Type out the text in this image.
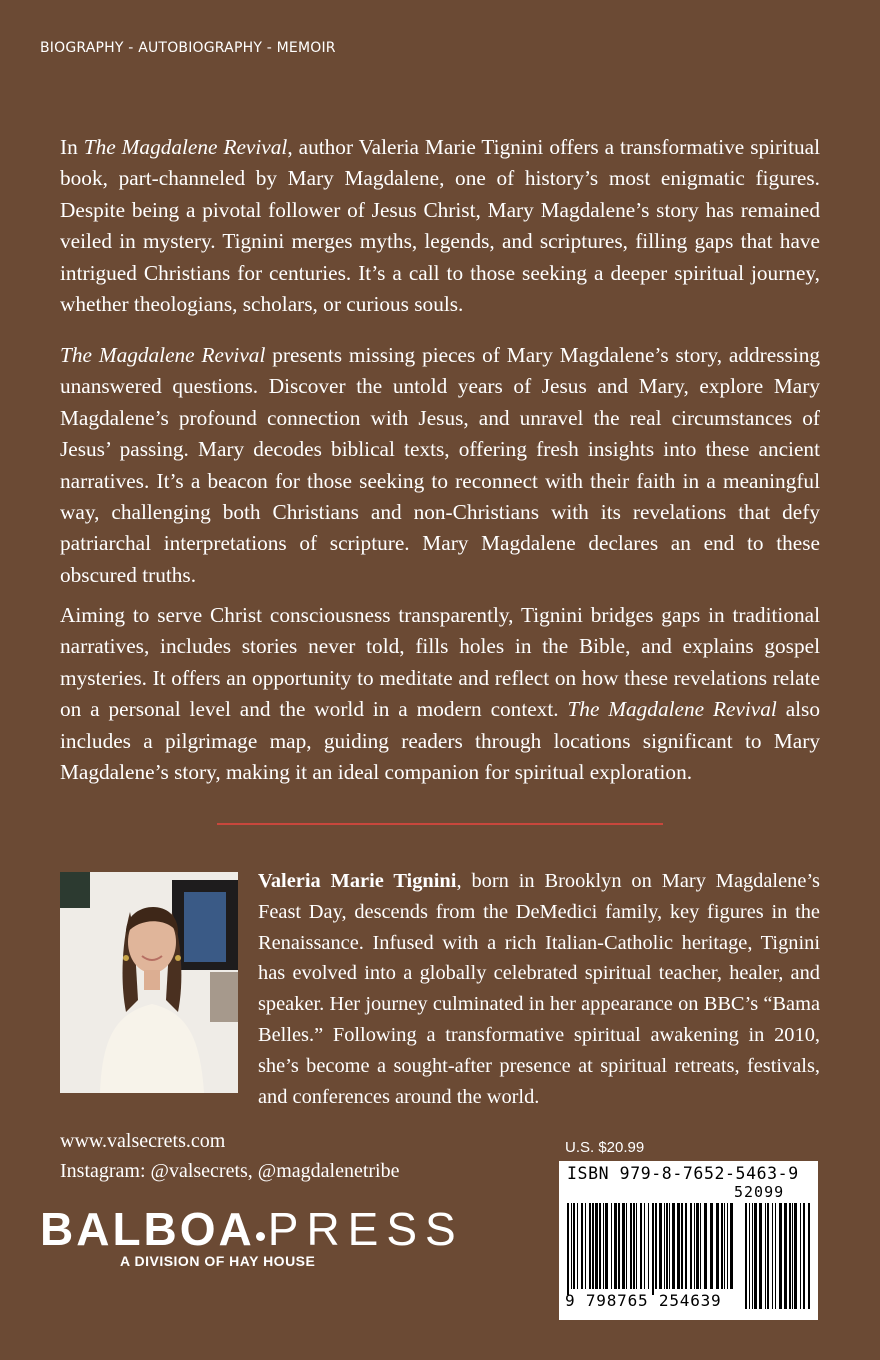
BIOGRAPHY - AUTOBIOGRAPHY - MEMOIR

In The Magdalene Revival, author Valeria Marie Tignini offers a transformative spiritual book, part-channeled by Mary Magdalene, one of history’s most enigmatic figures. Despite being a pivotal follower of Jesus Christ, Mary Magdalene’s story has remained veiled in mystery. Tignini merges myths, legends, and scriptures, filling gaps that have intrigued Christians for centuries. It’s a call to those seeking a deeper spiritual journey, whether theologians, scholars, or curious souls.

The Magdalene Revival presents missing pieces of Mary Magdalene’s story, addressing unanswered questions. Discover the untold years of Jesus and Mary, explore Mary Magdalene’s profound connection with Jesus, and unravel the real circumstances of Jesus’ passing. Mary decodes biblical texts, offering fresh insights into these ancient narratives. It’s a beacon for those seeking to reconnect with their faith in a meaningful way, challenging both Christians and non-Christians with its revelations that defy patriarchal interpretations of scripture. Mary Magdalene declares an end to these obscured truths.

Aiming to serve Christ consciousness transparently, Tignini bridges gaps in traditional narratives, includes stories never told, fills holes in the Bible, and explains gospel mysteries. It offers an opportunity to meditate and reflect on how these revelations relate on a personal level and the world in a modern context. The Magdalene Revival also includes a pilgrimage map, guiding readers through locations significant to Mary Magdalene’s story, making it an ideal companion for spiritual exploration.

Valeria Marie Tignini, born in Brooklyn on Mary Magdalene’s Feast Day, descends from the DeMedici family, key figures in the Renaissance. Infused with a rich Italian-Catholic heritage, Tignini has evolved into a globally celebrated spiritual teacher, healer, and speaker. Her journey culminated in her appearance on BBC’s “Bama Belles.” Following a transformative spiritual awakening in 2010, she’s become a sought-after presence at spiritual retreats, festivals, and conferences around the world.

www.valsecrets.com
Instagram: @valsecrets, @magdalenetribe
BALBOA PRESS
A DIVISION OF HAY HOUSE
U.S. $20.99
ISBN 979-8-7652-5463-9
52099
9 798765 254639
